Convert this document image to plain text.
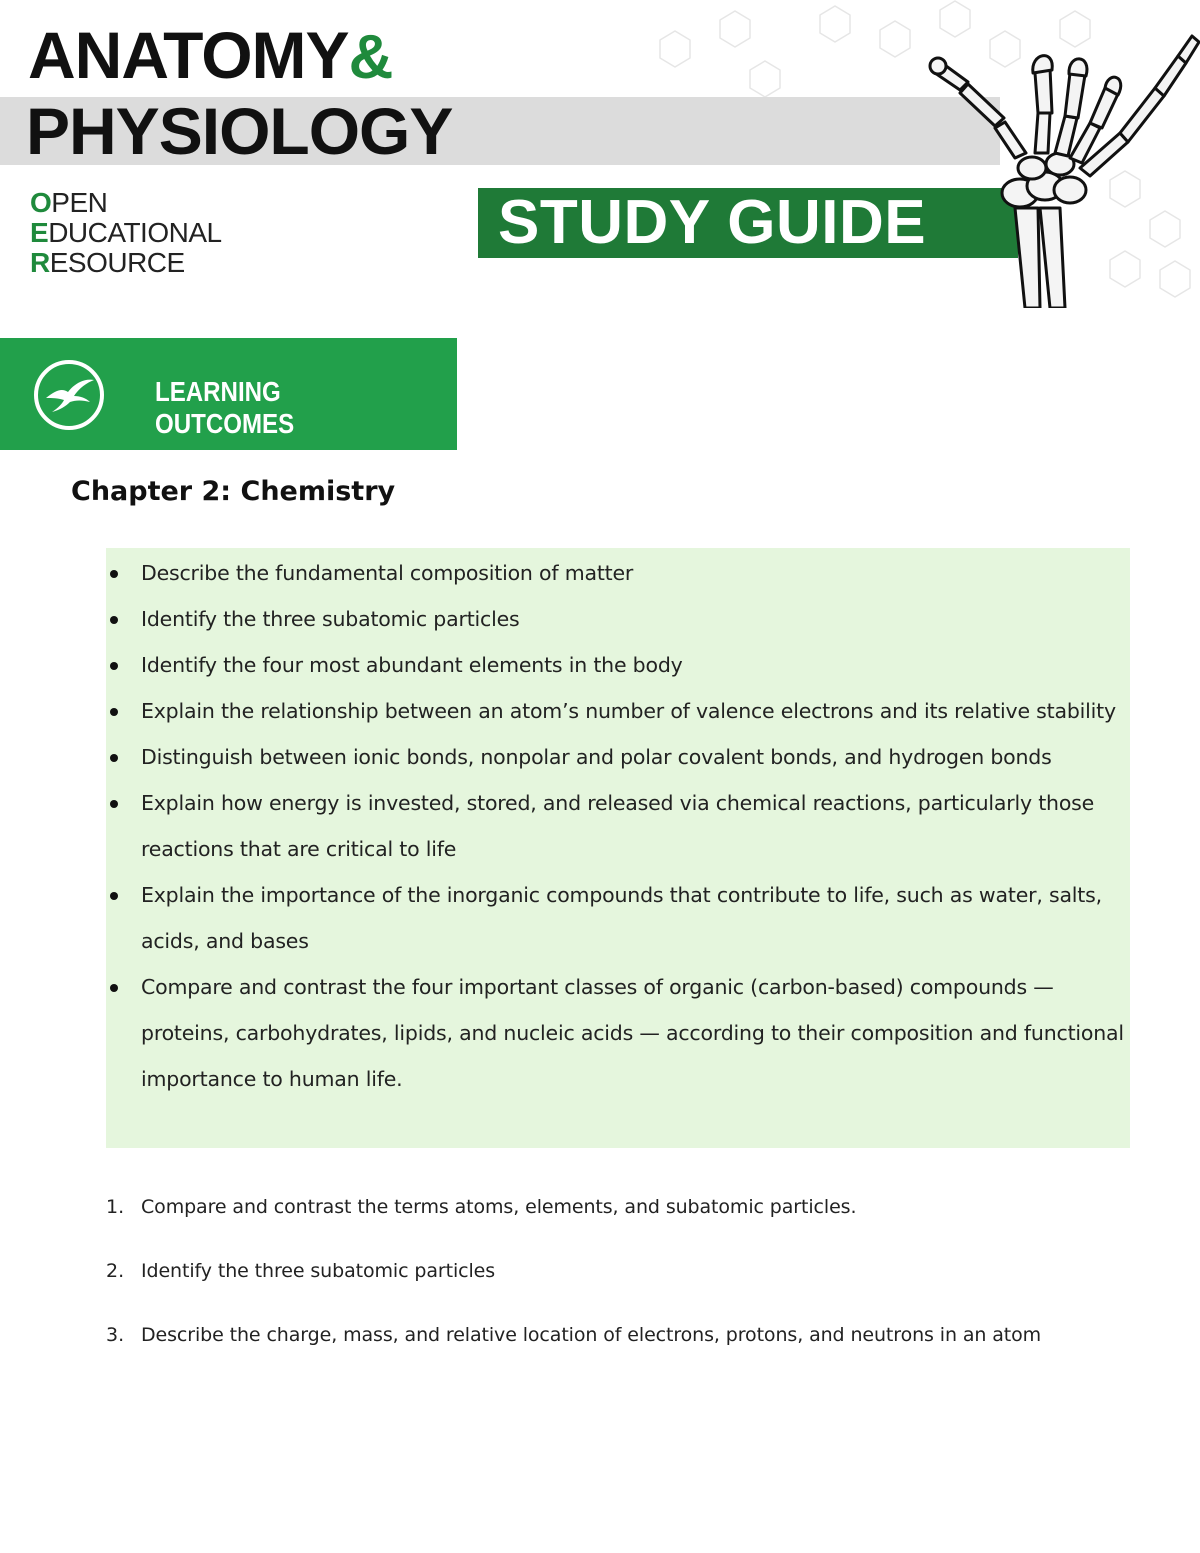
ANATOMY&
PHYSIOLOGY
OPEN
EDUCATIONAL
RESOURCE
STUDY GUIDE
LEARNING OUTCOMES
Chapter 2: Chemistry
Describe the fundamental composition of matter
Identify the three subatomic particles
Identify the four most abundant elements in the body
Explain the relationship between an atom’s number of valence electrons and its relative stability
Distinguish between ionic bonds, nonpolar and polar covalent bonds, and hydrogen bonds
Explain how energy is invested, stored, and released via chemical reactions, particularly those reactions that are critical to life
Explain the importance of the inorganic compounds that contribute to life, such as water, salts, acids, and bases
Compare and contrast the four important classes of organic (carbon-based) compounds — proteins, carbohydrates, lipids, and nucleic acids — according to their composition and functional importance to human life.
1. Compare and contrast the terms atoms, elements, and subatomic particles.
2. Identify the three subatomic particles
3. Describe the charge, mass, and relative location of electrons, protons, and neutrons in an atom
